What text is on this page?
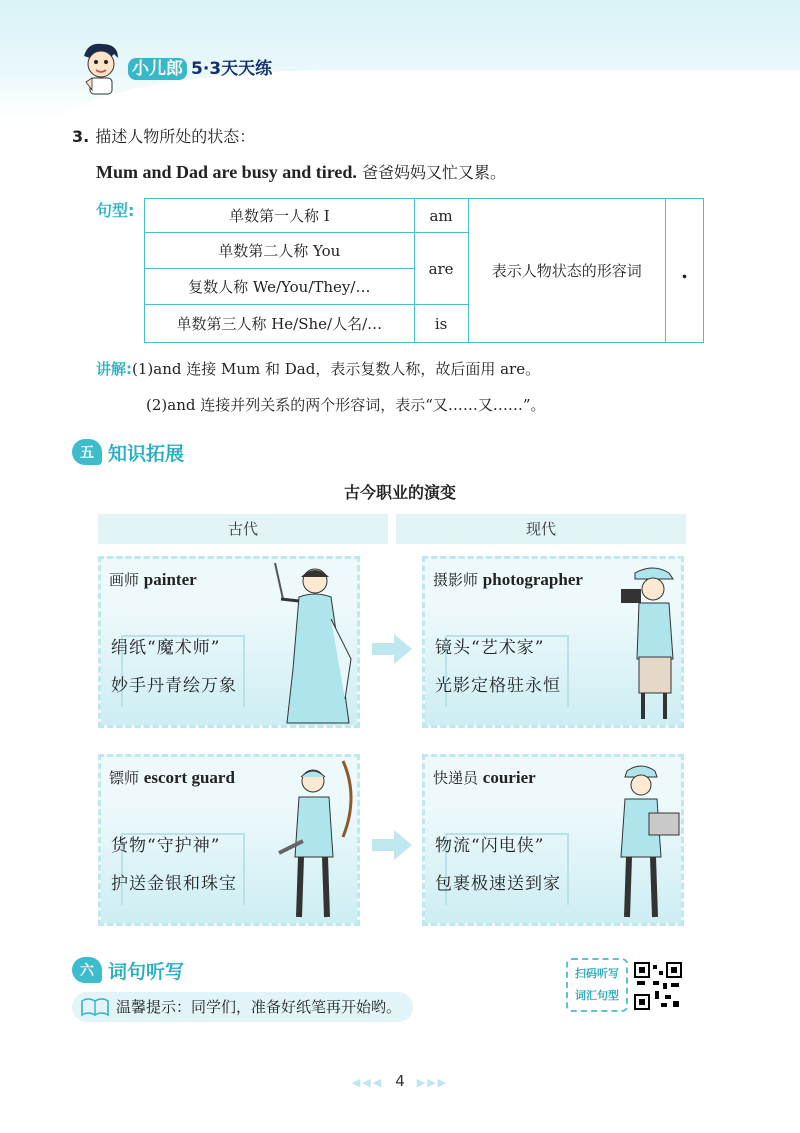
小儿郎 5·3天天练
3. 描述人物所处的状态：
Mum and Dad are busy and tired. 爸爸妈妈又忙又累。
句型:	单数第一人称 I	am	表示人物状态的形容词	.
单数第二人称 You	are		
复数人称 We/You/They/…			
单数第三人称 He/She/人名/…	is		
讲解:(1)and 连接 Mum 和 Dad，表示复数人称，故后面用 are。
(2)and 连接并列关系的两个形容词，表示“又……又……”。
五 知识拓展
古今职业的演变
古代	现代
画师 painter
绢纸“魔术师”
妙手丹青绘万象
摄影师 photographer
镜头“艺术家”
光影定格驻永恒
镖师 escort guard
货物“守护神”
护送金银和珠宝
快递员 courier
物流“闪电侠”
包裹极速送到家
六 词句听写
温馨提示：同学们，准备好纸笔再开始哟。
扫码听写
词汇句型
◀◀◀ 4 ▶▶▶
